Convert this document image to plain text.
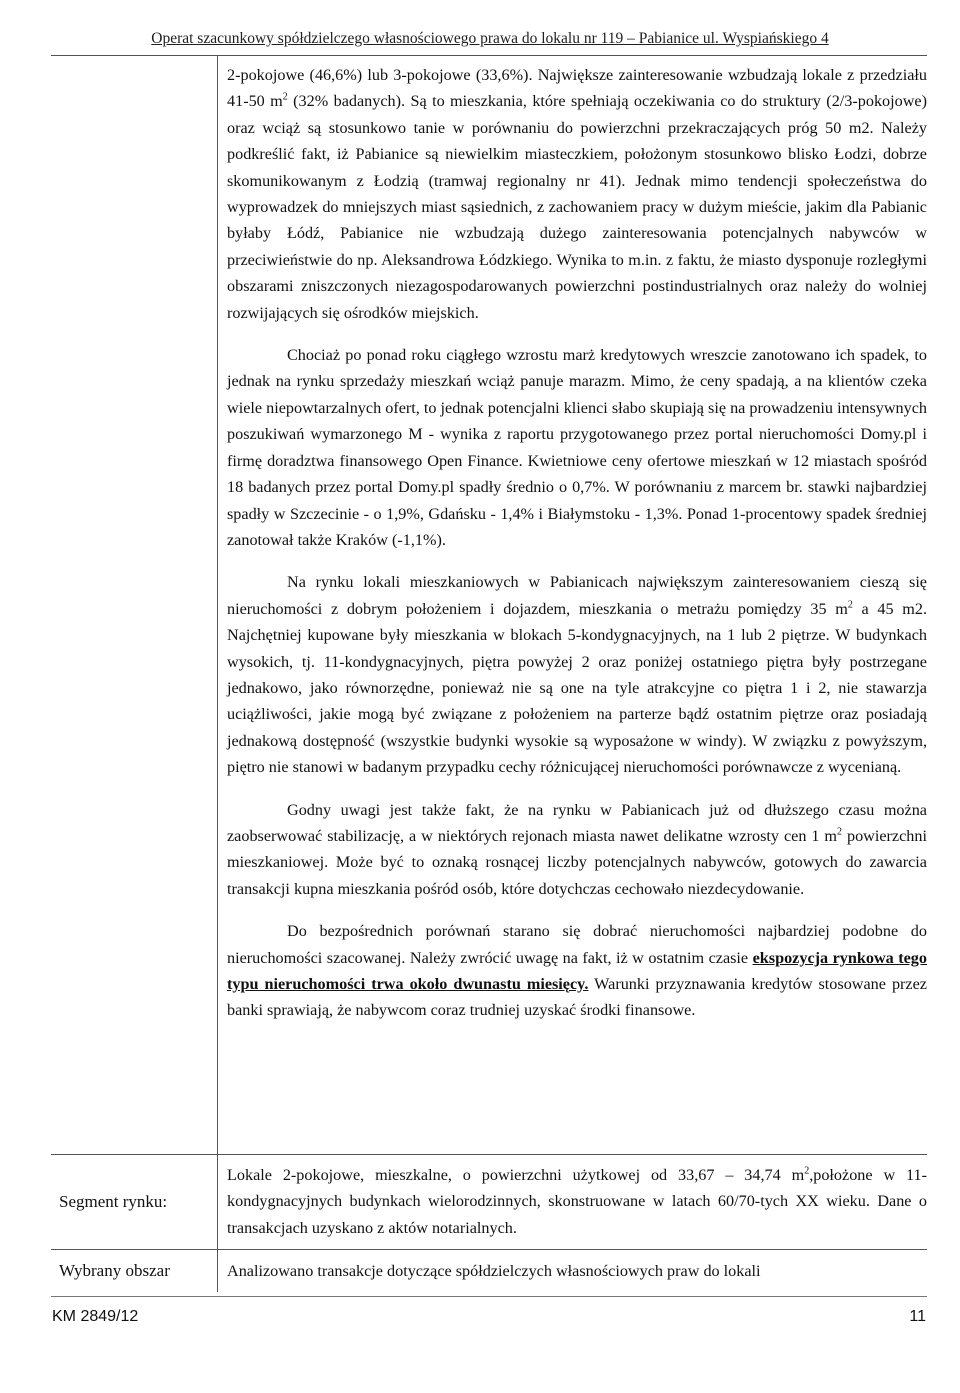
Operat szacunkowy spółdzielczego własnościowego prawa do lokalu nr 119 – Pabianice ul. Wyspiańskiego 4

2-pokojowe (46,6%) lub 3-pokojowe (33,6%). Największe zainteresowanie wzbudzają lokale z przedziału 41-50 $m^2$ (32% badanych). Są to mieszkania, które spełniają oczekiwania co do struktury (2/3-pokojowe) oraz wciąż są stosunkowo tanie w porównaniu do powierzchni przekraczających próg 50 m2. Należy podkreślić fakt, iż Pabianice są niewielkim miasteczkiem, położonym stosunkowo blisko Łodzi, dobrze skomunikowanym z Łodzią (tramwaj regionalny nr 41). Jednak mimo tendencji społeczeństwa do wyprowadzek do mniejszych miast sąsiednich, z zachowaniem pracy w dużym mieście, jakim dla Pabianic byłaby Łódź, Pabianice nie wzbudzają dużego zainteresowania potencjalnych nabywców w przeciwieństwie do np. Aleksandrowa Łódzkiego. Wynika to m.in. z faktu, że miasto dysponuje rozległymi obszarami zniszczonych niezagospodarowanych powierzchni postindustrialnych oraz należy do wolniej rozwijających się ośrodków miejskich.

Chociaż po ponad roku ciągłego wzrostu marż kredytowych wreszcie zanotowano ich spadek, to jednak na rynku sprzedaży mieszkań wciąż panuje marazm. Mimo, że ceny spadają, a na klientów czeka wiele niepowtarzalnych ofert, to jednak potencjalni klienci słabo skupiają się na prowadzeniu intensywnych poszukiwań wymarzonego M - wynika z raportu przygotowanego przez portal nieruchomości Domy.pl i firmę doradztwa finansowego Open Finance. Kwietniowe ceny ofertowe mieszkań w 12 miastach spośród 18 badanych przez portal Domy.pl spadły średnio o 0,7%. W porównaniu z marcem br. stawki najbardziej spadły w Szczecinie - o 1,9%, Gdańsku - 1,4% i Białymstoku - 1,3%. Ponad 1-procentowy spadek średniej zanotował także Kraków (-1,1%).

Na rynku lokali mieszkaniowych w Pabianicach największym zainteresowaniem cieszą się nieruchomości z dobrym położeniem i dojazdem, mieszkania o metrażu pomiędzy 35 $m^2$ a 45 m2. Najchętniej kupowane były mieszkania w blokach 5-kondygnacyjnych, na 1 lub 2 piętrze. W budynkach wysokich, tj. 11-kondygnacyjnych, piętra powyżej 2 oraz poniżej ostatniego piętra były postrzegane jednakowo, jako równorzędne, ponieważ nie są one na tyle atrakcyjne co piętra 1 i 2, nie stawarzja uciążliwości, jakie mogą być związane z położeniem na parterze bądź ostatnim piętrze oraz posiadają jednakową dostępność (wszystkie budynki wysokie są wyposażone w windy). W związku z powyższym, piętro nie stanowi w badanym przypadku cechy różnicującej nieruchomości porównawcze z wycenianą.

Godny uwagi jest także fakt, że na rynku w Pabianicach już od dłuższego czasu można zaobserwować stabilizację, a w niektórych rejonach miasta nawet delikatne wzrosty cen 1 $m^2$ powierzchni mieszkaniowej. Może być to oznaką rosnącej liczby potencjalnych nabywców, gotowych do zawarcia transakcji kupna mieszkania pośród osób, które dotychczas cechowało niezdecydowanie.

Do bezpośrednich porównań starano się dobrać nieruchomości najbardziej podobne do nieruchomości szacowanej. Należy zwrócić uwagę na fakt, iż w ostatnim czasie ekspozycja rynkowa tego typu nieruchomości trwa około dwunastu miesięcy. Warunki przyznawania kredytów stosowane przez banki sprawiają, że nabywcom coraz trudniej uzyskać środki finansowe.

Segment rynku:

Lokale 2-pokojowe, mieszkalne, o powierzchni użytkowej od 33,67 – 34,74 $m^2,położone$ w 11-kondygnacyjnych budynkach wielorodzinnych, skonstruowane w latach 60/70-tych XX wieku. Dane o transakcjach uzyskano z aktów notarialnych.

Wybrany obszar	Analizowano transakcje dotyczące spółdzielczych własnościowych praw do lokali

KM 2849/12	11
